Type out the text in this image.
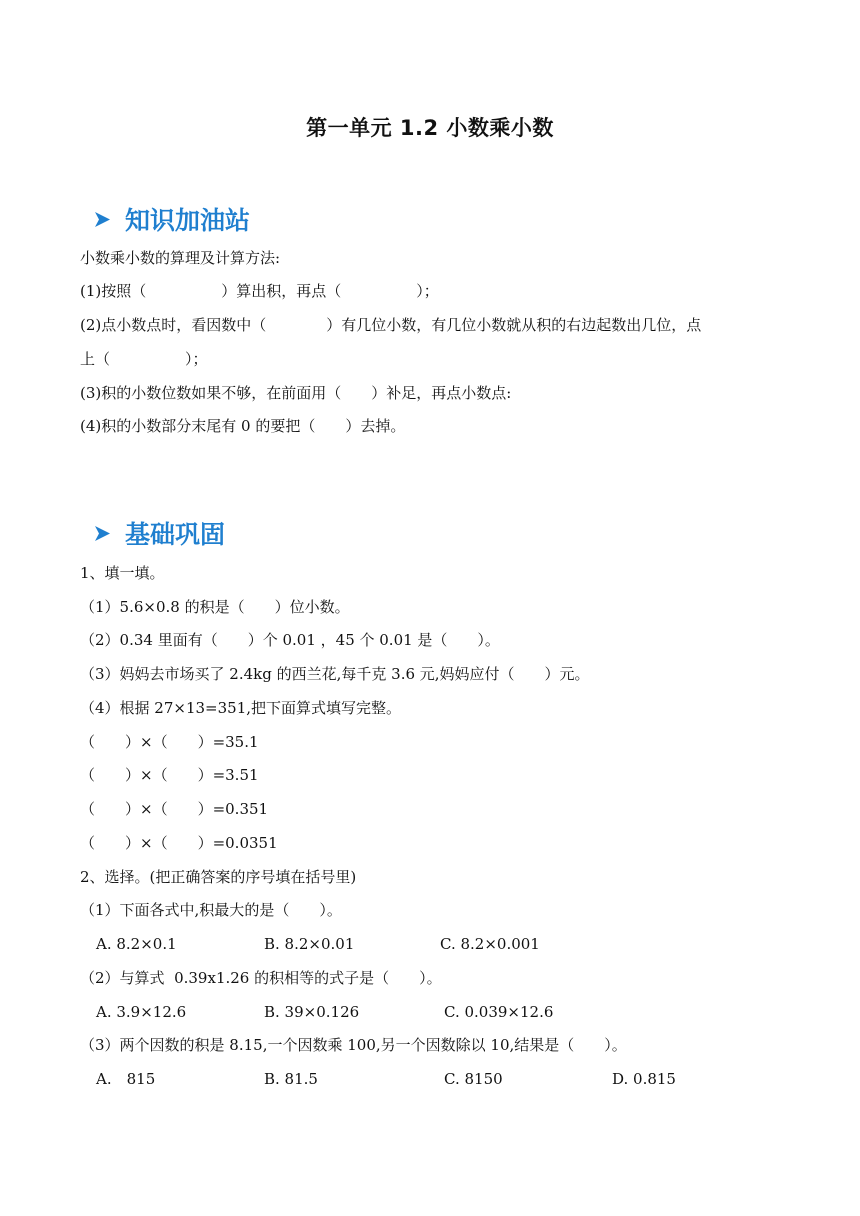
第一单元 1.2 小数乘小数
知识加油站
小数乘小数的算理及计算方法:
(1)按照（　　　　　）算出积，再点（　　　　　）；
(2)点小数点时，看因数中（　　　　）有几位小数，有几位小数就从积的右边起数出几位，点
上（　　　　　）；
(3)积的小数位数如果不够，在前面用（　　）补足，再点小数点:
(4)积的小数部分末尾有 0 的要把（　　）去掉。
基础巩固
1、填一填。
（1）5.6×0.8 的积是（　　）位小数。
（2）0.34 里面有（　　）个 0.01 ，45 个 0.01 是（　　）。
（3）妈妈去市场买了 2.4kg 的西兰花,每千克 3.6 元,妈妈应付（　　）元。
（4）根据 27×13=351,把下面算式填写完整。
（　　）×（　　）=35.1
（　　）×（　　）=3.51
（　　）×（　　）=0.351
（　　）×（　　）=0.0351
2、选择。(把正确答案的序号填在括号里)
（1）下面各式中,积最大的是（　　）。
A. 8.2×0.1	B. 8.2×0.01	C. 8.2×0.001
（2）与算式  0.39x1.26 的积相等的式子是（　　）。
A. 3.9×12.6	B. 39×0.126	C. 0.039×12.6
（3）两个因数的积是 8.15,一个因数乘 100,另一个因数除以 10,结果是（　　）。
A.　815	B. 81.5	C. 8150	D. 0.815
